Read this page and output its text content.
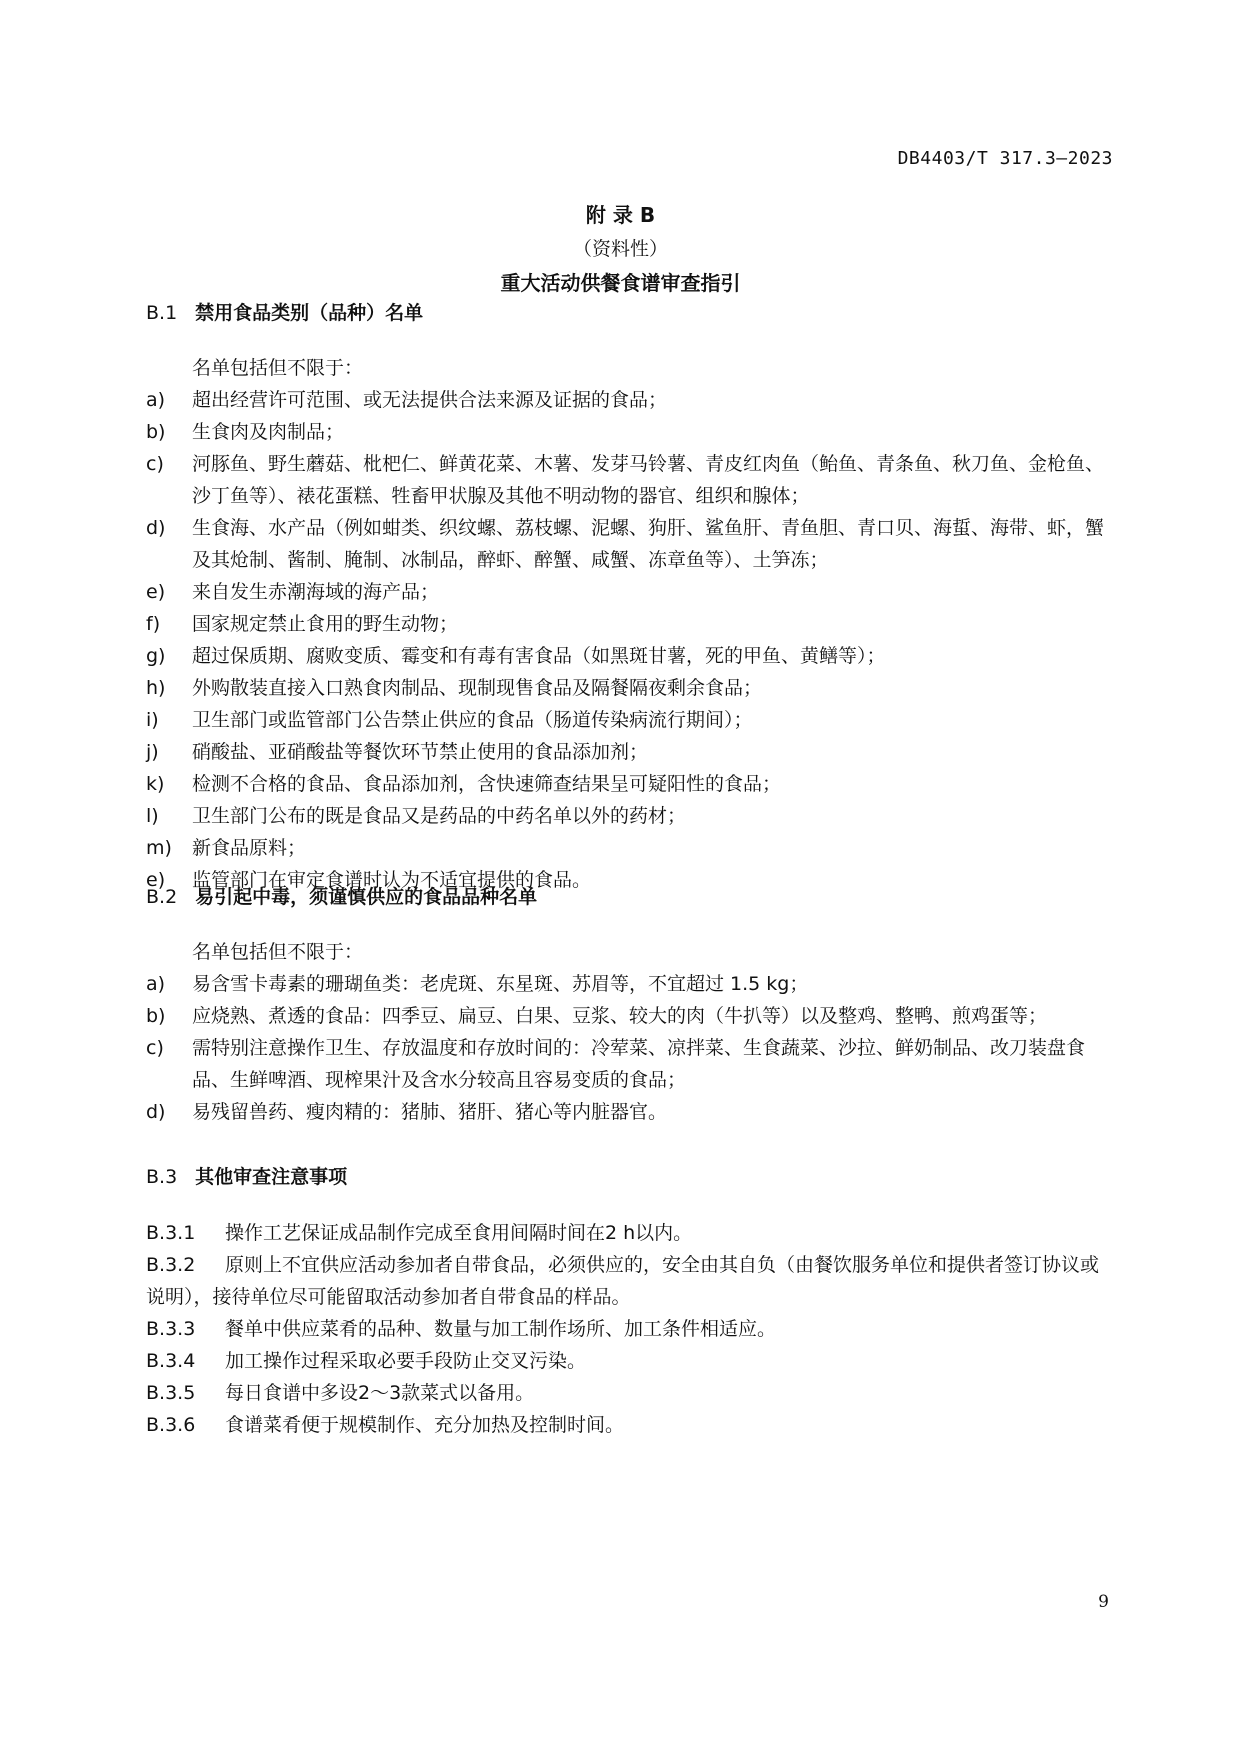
DB4403/T 317.3—2023
附 录 B
（资料性）
重大活动供餐食谱审查指引
B.1 禁用食品类别（品种）名单
名单包括但不限于：
a)	超出经营许可范围、或无法提供合法来源及证据的食品；
b)	生食肉及肉制品；
c)	河豚鱼、野生蘑菇、枇杷仁、鲜黄花菜、木薯、发芽马铃薯、青皮红肉鱼（鲐鱼、青条鱼、秋刀鱼、金枪鱼、沙丁鱼等）、裱花蛋糕、牲畜甲状腺及其他不明动物的器官、组织和腺体；
d)	生食海、水产品（例如蚶类、织纹螺、荔枝螺、泥螺、狗肝、鲨鱼肝、青鱼胆、青口贝、海蜇、海带、虾，蟹及其炝制、酱制、腌制、冰制品，醉虾、醉蟹、咸蟹、冻章鱼等）、土笋冻；
e)	来自发生赤潮海域的海产品；
f)	国家规定禁止食用的野生动物；
g)	超过保质期、腐败变质、霉变和有毒有害食品（如黑斑甘薯，死的甲鱼、黄鳝等）；
h)	外购散装直接入口熟食肉制品、现制现售食品及隔餐隔夜剩余食品；
i)	卫生部门或监管部门公告禁止供应的食品（肠道传染病流行期间）；
j)	硝酸盐、亚硝酸盐等餐饮环节禁止使用的食品添加剂；
k)	检测不合格的食品、食品添加剂，含快速筛查结果呈可疑阳性的食品；
l)	卫生部门公布的既是食品又是药品的中药名单以外的药材；
m)	新食品原料；
e)	监管部门在审定食谱时认为不适宜提供的食品。
B.2 易引起中毒，须谨慎供应的食品品种名单
名单包括但不限于：
a)	易含雪卡毒素的珊瑚鱼类：老虎斑、东星斑、苏眉等，不宜超过 1.5 kg；
b)	应烧熟、煮透的食品：四季豆、扁豆、白果、豆浆、较大的肉（牛扒等）以及整鸡、整鸭、煎鸡蛋等；
c)	需特别注意操作卫生、存放温度和存放时间的：冷荤菜、凉拌菜、生食蔬菜、沙拉、鲜奶制品、改刀装盘食品、生鲜啤酒、现榨果汁及含水分较高且容易变质的食品；
d)	易残留兽药、瘦肉精的：猪肺、猪肝、猪心等内脏器官。
B.3 其他审查注意事项
B.3.1	操作工艺保证成品制作完成至食用间隔时间在2 h以内。
B.3.2 原则上不宜供应活动参加者自带食品，必须供应的，安全由其自负（由餐饮服务单位和提供者签订协议或说明），接待单位尽可能留取活动参加者自带食品的样品。
B.3.3	餐单中供应菜肴的品种、数量与加工制作场所、加工条件相适应。
B.3.4	加工操作过程采取必要手段防止交叉污染。
B.3.5	每日食谱中多设2～3款菜式以备用。
B.3.6	食谱菜肴便于规模制作、充分加热及控制时间。
9
